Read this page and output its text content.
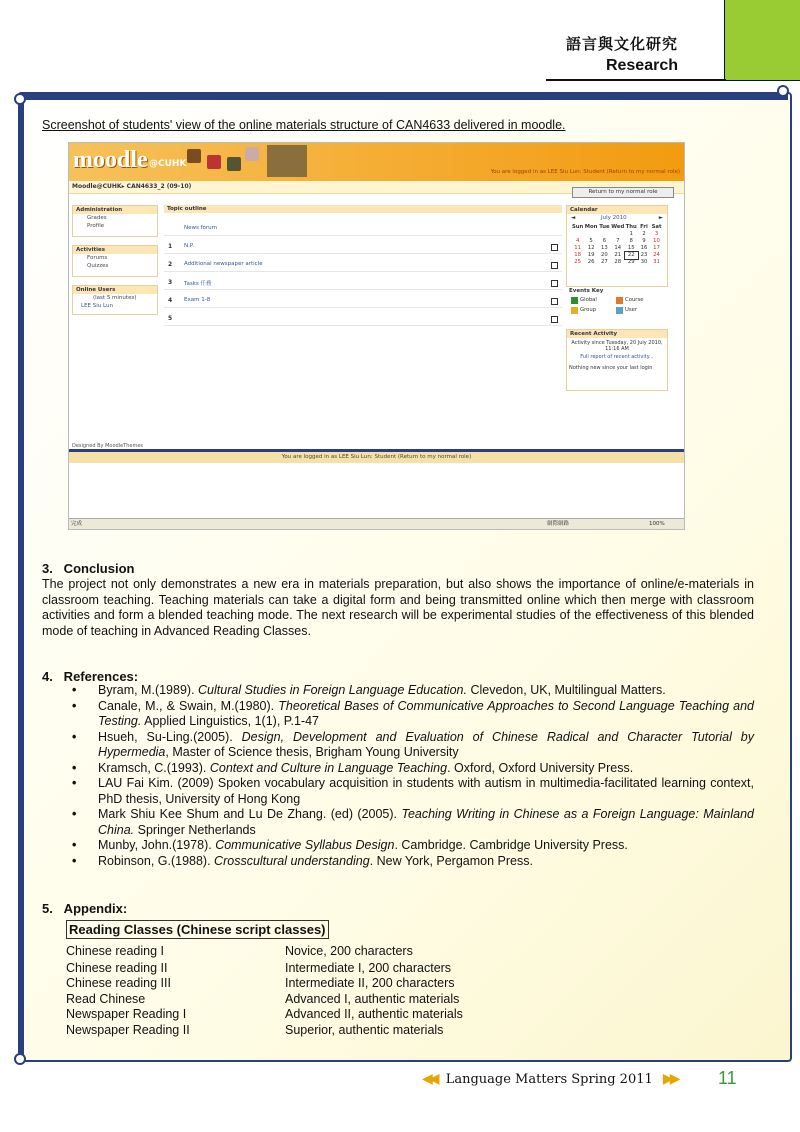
語言與文化研究
Research
Screenshot of students' view of the online materials structure of CAN4633 delivered in moodle.
moodle @CUHK
You are logged in as LEE Siu Lun: Student (Return to my normal role)
Moodle@CUHK▸ CAN4633_2 (09-10)
Return to my normal role
Administration
Grades
Profile
Activities
Forums
Quizzes
Online Users
(last 5 minutes)
LEE Siu Lun
Topic outline
News forum
1 N.P.
2 Additional newspaper article
3 Tasks 任務
4 Exam 1-8
5
Calendar
◄	July 2010	►
Sun	Mon	Tue	Wed	Thu	Fri	Sat
				1	2	3
4	5	6	7	8	9	10
11	12	13	14	15	16	17
18	19	20	21	22	23	24
25	26	27	28	29	30	31
Events Key
Global	Course
Group	User
Recent Activity
Activity since Tuesday, 20 July 2010, 11:16 AM
Full report of recent activity...
Nothing new since your last login
Designed By MoodleThemes
You are logged in as LEE Siu Lun: Student (Return to my normal role)
完成	網際網路	100%
3.   Conclusion
The project not only demonstrates a new era in materials preparation, but also shows the importance of online/e-materials in classroom teaching. Teaching materials can take a digital form and being transmitted online which then merge with classroom activities and form a blended teaching mode. The next research will be experimental studies of the effectiveness of this blended mode of teaching in Advanced Reading Classes.
4.   References:
• Byram, M.(1989). Cultural Studies in Foreign Language Education. Clevedon, UK, Multilingual Matters.
• Canale, M., & Swain, M.(1980). Theoretical Bases of Communicative Approaches to Second Language Teaching and Testing. Applied Linguistics, 1(1), P.1-47
• Hsueh, Su-Ling.(2005). Design, Development and Evaluation of Chinese Radical and Character Tutorial by Hypermedia, Master of Science thesis, Brigham Young University
• Kramsch, C.(1993). Context and Culture in Language Teaching. Oxford, Oxford University Press.
• LAU Fai Kim. (2009) Spoken vocabulary acquisition in students with autism in multimedia-facilitated learning context, PhD thesis, University of Hong Kong
• Mark Shiu Kee Shum and Lu De Zhang. (ed) (2005). Teaching Writing in Chinese as a Foreign Language: Mainland China. Springer Netherlands
• Munby, John.(1978). Communicative Syllabus Design. Cambridge. Cambridge University Press.
• Robinson, G.(1988). Crosscultural understanding. New York, Pergamon Press.
5.   Appendix:
Reading Classes (Chinese script classes)
Chinese reading I	Novice, 200 characters
Chinese reading II	Intermediate I, 200 characters
Chinese reading III	Intermediate II, 200 characters
Read Chinese	Advanced I, authentic materials
Newspaper Reading I	Advanced II, authentic materials
Newspaper Reading II	Superior, authentic materials
◀◀ Language Matters Spring 2011 ▶▶ 11
